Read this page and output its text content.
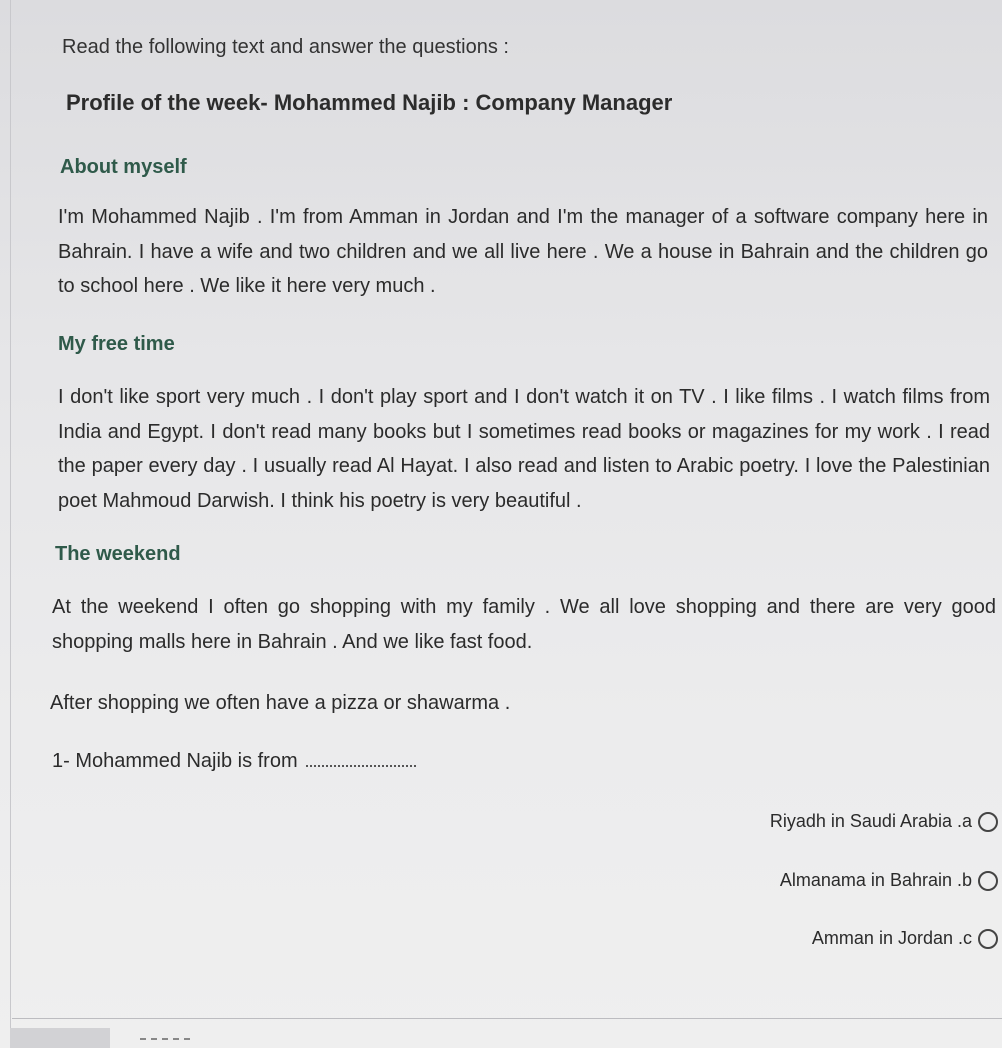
Read the following text and answer the questions :
Profile of the week- Mohammed Najib : Company Manager
About myself
I'm Mohammed Najib . I'm from Amman in Jordan and I'm the manager of a software company here in Bahrain. I have a wife and two children and we all live here . We a house in Bahrain and the children go to school here . We like it here very much .
My free time
I don't like sport very much . I don't play sport and I don't watch it on TV . I like films . I watch films from India and Egypt. I don't read many books but I sometimes read books or magazines for my work . I read the paper every day . I usually read Al Hayat. I also read and listen to Arabic poetry. I love the Palestinian poet Mahmoud Darwish. I think his poetry is very beautiful .
The weekend
At the weekend I often go shopping with my family . We all love shopping and there are very good shopping malls here in Bahrain . And we like fast food.
After shopping we often have a pizza or shawarma .
1- Mohammed Najib is from
Riyadh in Saudi Arabia .a
Almanama in Bahrain .b
Amman in Jordan .c
